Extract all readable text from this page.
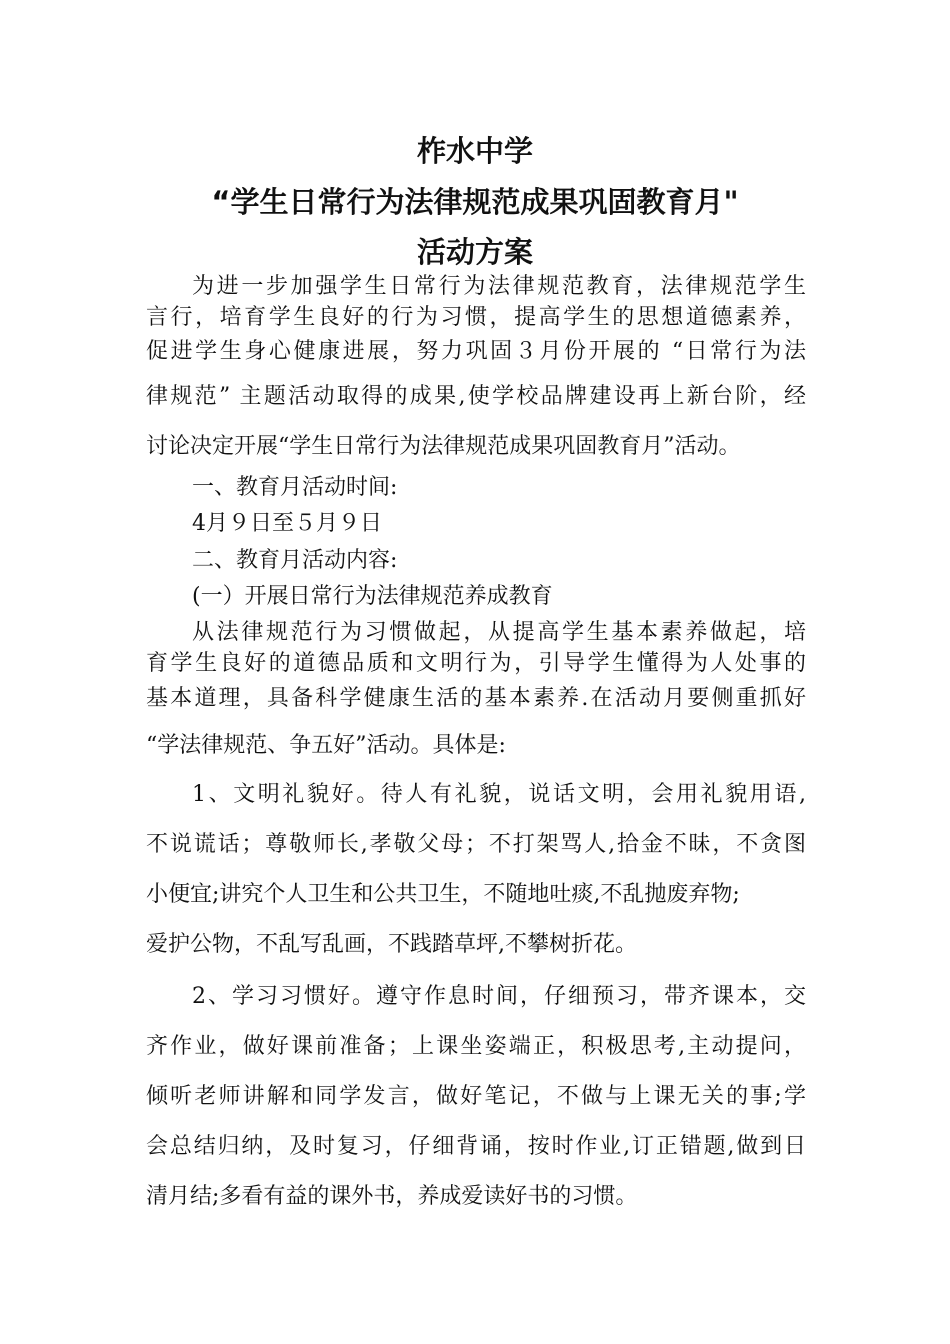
柞水中学
“学生日常行为法律规范成果巩固教育月"
活动方案
为进一步加强学生日常行为法律规范教育，法律规范学生
言行，培育学生良好的行为习惯，提高学生的思想道德素养，
促进学生身心健康进展，努力巩固３月份开展的 “日常行为法
律规范” 主题活动取得的成果,使学校品牌建设再上新台阶，经
讨论决定开展“学生日常行为法律规范成果巩固教育月”活动。
一、教育月活动时间:
4月９日至５月９日
二、教育月活动内容:
(一）开展日常行为法律规范养成教育
从法律规范行为习惯做起，从提高学生基本素养做起，培
育学生良好的道德品质和文明行为，引导学生懂得为人处事的
基本道理，具备科学健康生活的基本素养.在活动月要侧重抓好
“学法律规范、争五好”活动。具体是:
1、文明礼貌好。待人有礼貌，说话文明，会用礼貌用语,
不说谎话；尊敬师长,孝敬父母；不打架骂人,拾金不昧，不贪图
小便宜;讲究个人卫生和公共卫生，不随地吐痰,不乱抛废弃物;
爱护公物，不乱写乱画，不践踏草坪,不攀树折花。
2、学习习惯好。遵守作息时间，仔细预习，带齐课本，交
齐作业，做好课前准备；上课坐姿端正，积极思考,主动提问，
倾听老师讲解和同学发言，做好笔记，不做与上课无关的事;学
会总结归纳，及时复习，仔细背诵，按时作业,订正错题,做到日
清月结;多看有益的课外书，养成爱读好书的习惯。
